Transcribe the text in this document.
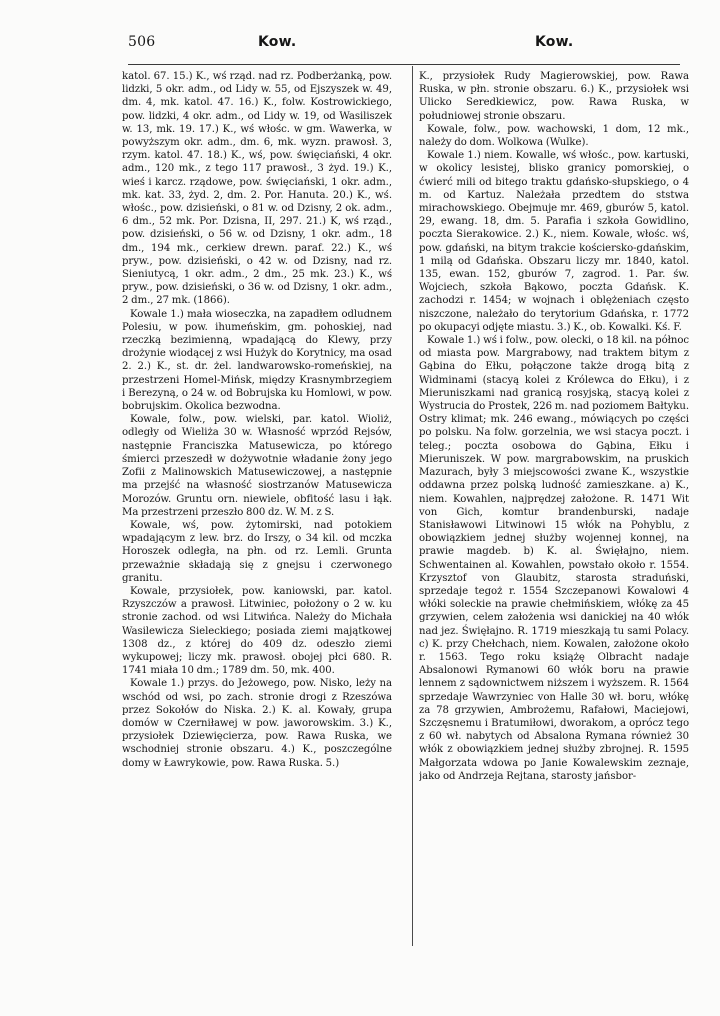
506	Kow.	Kow.

katol. 67. 15.) K., wś rząd. nad rz. Podberżanką, pow. lidzki, 5 okr. adm., od Lidy w. 55, od Ejszyszek w. 49, dm. 4, mk. katol. 47. 16.) K., folw. Kostrowickiego, pow. lidzki, 4 okr. adm., od Lidy w. 19, od Wasiliszek w. 13, mk. 19. 17.) K., wś włośc. w gm. Wawerka, w powyższym okr. adm., dm. 6, mk. wyzn. prawosł. 3, rzym. katol. 47. 18.) K., wś, pow. święciański, 4 okr. adm., 120 mk., z tego 117 prawosł., 3 żyd. 19.) K., wieś i karcz. rządowe, pow. święciański, 1 okr. adm., mk. kat. 33, żyd. 2, dm. 2. Por. Hanuta. 20.) K., wś. włośc., pow. dzisieński, o 81 w. od Dzisny, 2 ok. adm., 6 dm., 52 mk. Por. Dzisna, II, 297. 21.) K, wś rząd., pow. dzisieński, o 56 w. od Dzisny, 1 okr. adm., 18 dm., 194 mk., cerkiew drewn. paraf. 22.) K., wś pryw., pow. dzisieński, o 42 w. od Dzisny, nad rz. Sieniutycą, 1 okr. adm., 2 dm., 25 mk. 23.) K., wś pryw., pow. dzisieński, o 36 w. od Dzisny, 1 okr. adm., 2 dm., 27 mk. (1866).

Kowale 1.) mała wioseczka, na zapadłem odludnem Polesiu, w pow. ihumeńskim, gm. pohoskiej, nad rzeczką bezimienną, wpadającą do Klewy, przy drożynie wiodącej z wsi Hużyk do Korytnicy, ma osad 2. 2.) K., st. dr. żel. landwarowsko-romeńskiej, na przestrzeni Homel-Mińsk, między Krasnymbrzegiem i Berezyną, o 24 w. od Bobrujska ku Homlowi, w pow. bobrujskim. Okolica bezwodna.

Kowale, folw., pow. wielski, par. katol. Wioliż, odległy od Wieliża 30 w. Własność wprzód Rejsów, następnie Franciszka Matusewicza, po którego śmierci przeszedł w dożywotnie władanie żony jego Zofii z Malinowskich Matusewiczowej, a następnie ma przejść na własność siostrzanów Matusewicza Morozów. Gruntu orn. niewiele, obfitość lasu i łąk. Ma przestrzeni przeszło 800 dz. W. M. z S.

Kowale, wś, pow. żytomirski, nad potokiem wpadającym z lew. brz. do Irszy, o 34 kil. od mczka Horoszek odległa, na płn. od rz. Lemli. Grunta przeważnie składają się z gnejsu i czerwonego granitu.

Kowale, przysiołek, pow. kaniowski, par. katol. Rzyszczów a prawosł. Litwiniec, położony o 2 w. ku stronie zachod. od wsi Litwińca. Należy do Michała Wasilewicza Sieleckiego; posiada ziemi majątkowej 1308 dz., z której do 409 dz. odeszło ziemi wykupowej; liczy mk. prawosł. obojej płci 680. R. 1741 miała 10 dm.; 1789 dm. 50, mk. 400.

Kowale 1.) przys. do Jeżowego, pow. Nisko, leży na wschód od wsi, po zach. stronie drogi z Rzeszówa przez Sokołów do Niska. 2.) K. al. Kowały, grupa domów w Czerniławej w pow. jaworowskim. 3.) K., przysiołek Dziewięcierza, pow. Rawa Ruska, we wschodniej stronie obszaru. 4.) K., poszczególne domy w Ławrykowie, pow. Rawa Ruska. 5.)

K., przysiołek Rudy Magierowskiej, pow. Rawa Ruska, w płn. stronie obszaru. 6.) K., przysiołek wsi Ulicko Seredkiewicz, pow. Rawa Ruska, w południowej stronie obszaru.

Kowale, folw., pow. wachowski, 1 dom, 12 mk., należy do dom. Wolkowa (Wulke).

Kowale 1.) niem. Kowalle, wś włośc., pow. kartuski, w okolicy lesistej, blisko granicy pomorskiej, o ćwierć mili od bitego traktu gdańsko-słupskiego, o 4 m. od Kartuz. Należała przedtem do ststwa mirachowskiego. Obejmuje mr. 469, gburów 5, katol. 29, ewang. 18, dm. 5. Parafia i szkoła Gowidlino, poczta Sierakowice. 2.) K., niem. Kowale, włośc. wś, pow. gdański, na bitym trakcie kościersko-gdańskim, 1 milą od Gdańska. Obszaru liczy mr. 1840, katol. 135, ewan. 152, gburów 7, zagrod. 1. Par. św. Wojciech, szkoła Bąkowo, poczta Gdańsk. K. zachodzi r. 1454; w wojnach i oblężeniach często niszczone, należało do terytorium Gdańska, r. 1772 po okupacyi odjęte miastu. 3.) K., ob. Kowalki. Kś. F.

Kowale 1.) wś i folw., pow. olecki, o 18 kil. na północ od miasta pow. Margrabowy, nad traktem bitym z Gąbina do Ełku, połączone także drogą bitą z Widminami (stacyą kolei z Królewca do Ełku), i z Mieruniszkami nad granicą rosyjską, stacyą kolei z Wystrucia do Prostek, 226 m. nad poziomem Bałtyku. Ostry klimat; mk. 246 ewang., mówiących po części po polsku. Na folw. gorzelnia, we wsi stacya poczt. i teleg.; poczta osobowa do Gąbina, Ełku i Mieruniszek. W pow. margrabowskim, na pruskich Mazurach, były 3 miejscowości zwane K., wszystkie oddawna przez polską ludność zamieszkane. a) K., niem. Kowahlen, najprędzej założone. R. 1471 Wit von Gich, komtur brandenburski, nadaje Stanisławowi Litwinowi 15 włók na Pohyblu, z obowiązkiem jednej służby wojennej konnej, na prawie magdeb. b) K. al. Święłajno, niem. Schwentainen al. Kowahlen, powstało około r. 1554. Krzysztof von Glaubitz, starosta straduński, sprzedaje tegoż r. 1554 Szczepanowi Kowalowi 4 włóki soleckie na prawie chełmińskiem, włókę za 45 grzywien, celem założenia wsi danickiej na 40 włók nad jez. Święłajno. R. 1719 mieszkają tu sami Polacy. c) K. przy Chełchach, niem. Kowalen, założone około r. 1563. Tego roku książę Olbracht nadaje Absalonowi Rymanowi 60 włók boru na prawie lennem z sądownictwem niższem i wyższem. R. 1564 sprzedaje Wawrzyniec von Halle 30 wł. boru, włókę za 78 grzywien, Ambrożemu, Rafałowi, Maciejowi, Szczęsnemu i Bratumiłowi, dworakom, a oprócz tego z 60 wł. nabytych od Absalona Rymana również 30 włók z obowiązkiem jednej służby zbrojnej. R. 1595 Małgorzata wdowa po Janie Kowalewskim zeznaje, jako od Andrzeja Rejtana, starosty jańsbor-
